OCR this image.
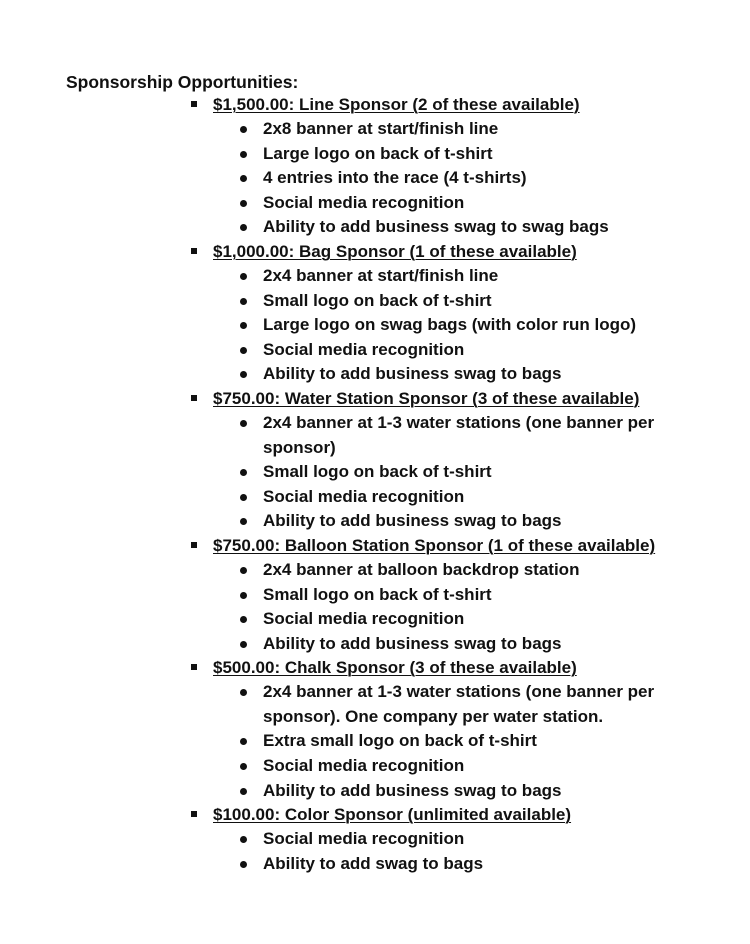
Sponsorship Opportunities:
$1,500.00: Line Sponsor (2 of these available)
2x8 banner at start/finish line
Large logo on back of t-shirt
4 entries into the race (4 t-shirts)
Social media recognition
Ability to add business swag to swag bags
$1,000.00: Bag Sponsor (1 of these available)
2x4 banner at start/finish line
Small logo on back of t-shirt
Large logo on swag bags (with color run logo)
Social media recognition
Ability to add business swag to bags
$750.00: Water Station Sponsor (3 of these available)
2x4 banner at 1-3 water stations (one banner per sponsor)
Small logo on back of t-shirt
Social media recognition
Ability to add business swag to bags
$750.00: Balloon Station Sponsor (1 of these available)
2x4 banner at balloon backdrop station
Small logo on back of t-shirt
Social media recognition
Ability to add business swag to bags
$500.00: Chalk Sponsor (3 of these available)
2x4 banner at 1-3 water stations (one banner per sponsor). One company per water station.
Extra small logo on back of t-shirt
Social media recognition
Ability to add business swag to bags
$100.00: Color Sponsor (unlimited available)
Social media recognition
Ability to add swag to bags
